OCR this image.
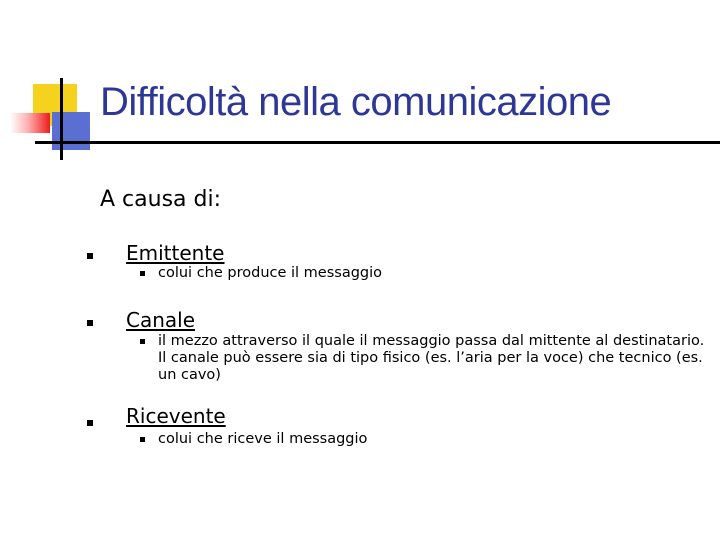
Difficoltà nella comunicazione
A causa di:
Emittente
colui che produce il messaggio
Canale
il mezzo attraverso il quale il messaggio passa dal mittente al destinatario. Il canale può essere sia di tipo fisico (es. l’aria per la voce) che tecnico (es. un cavo)
Ricevente
colui che riceve il messaggio
